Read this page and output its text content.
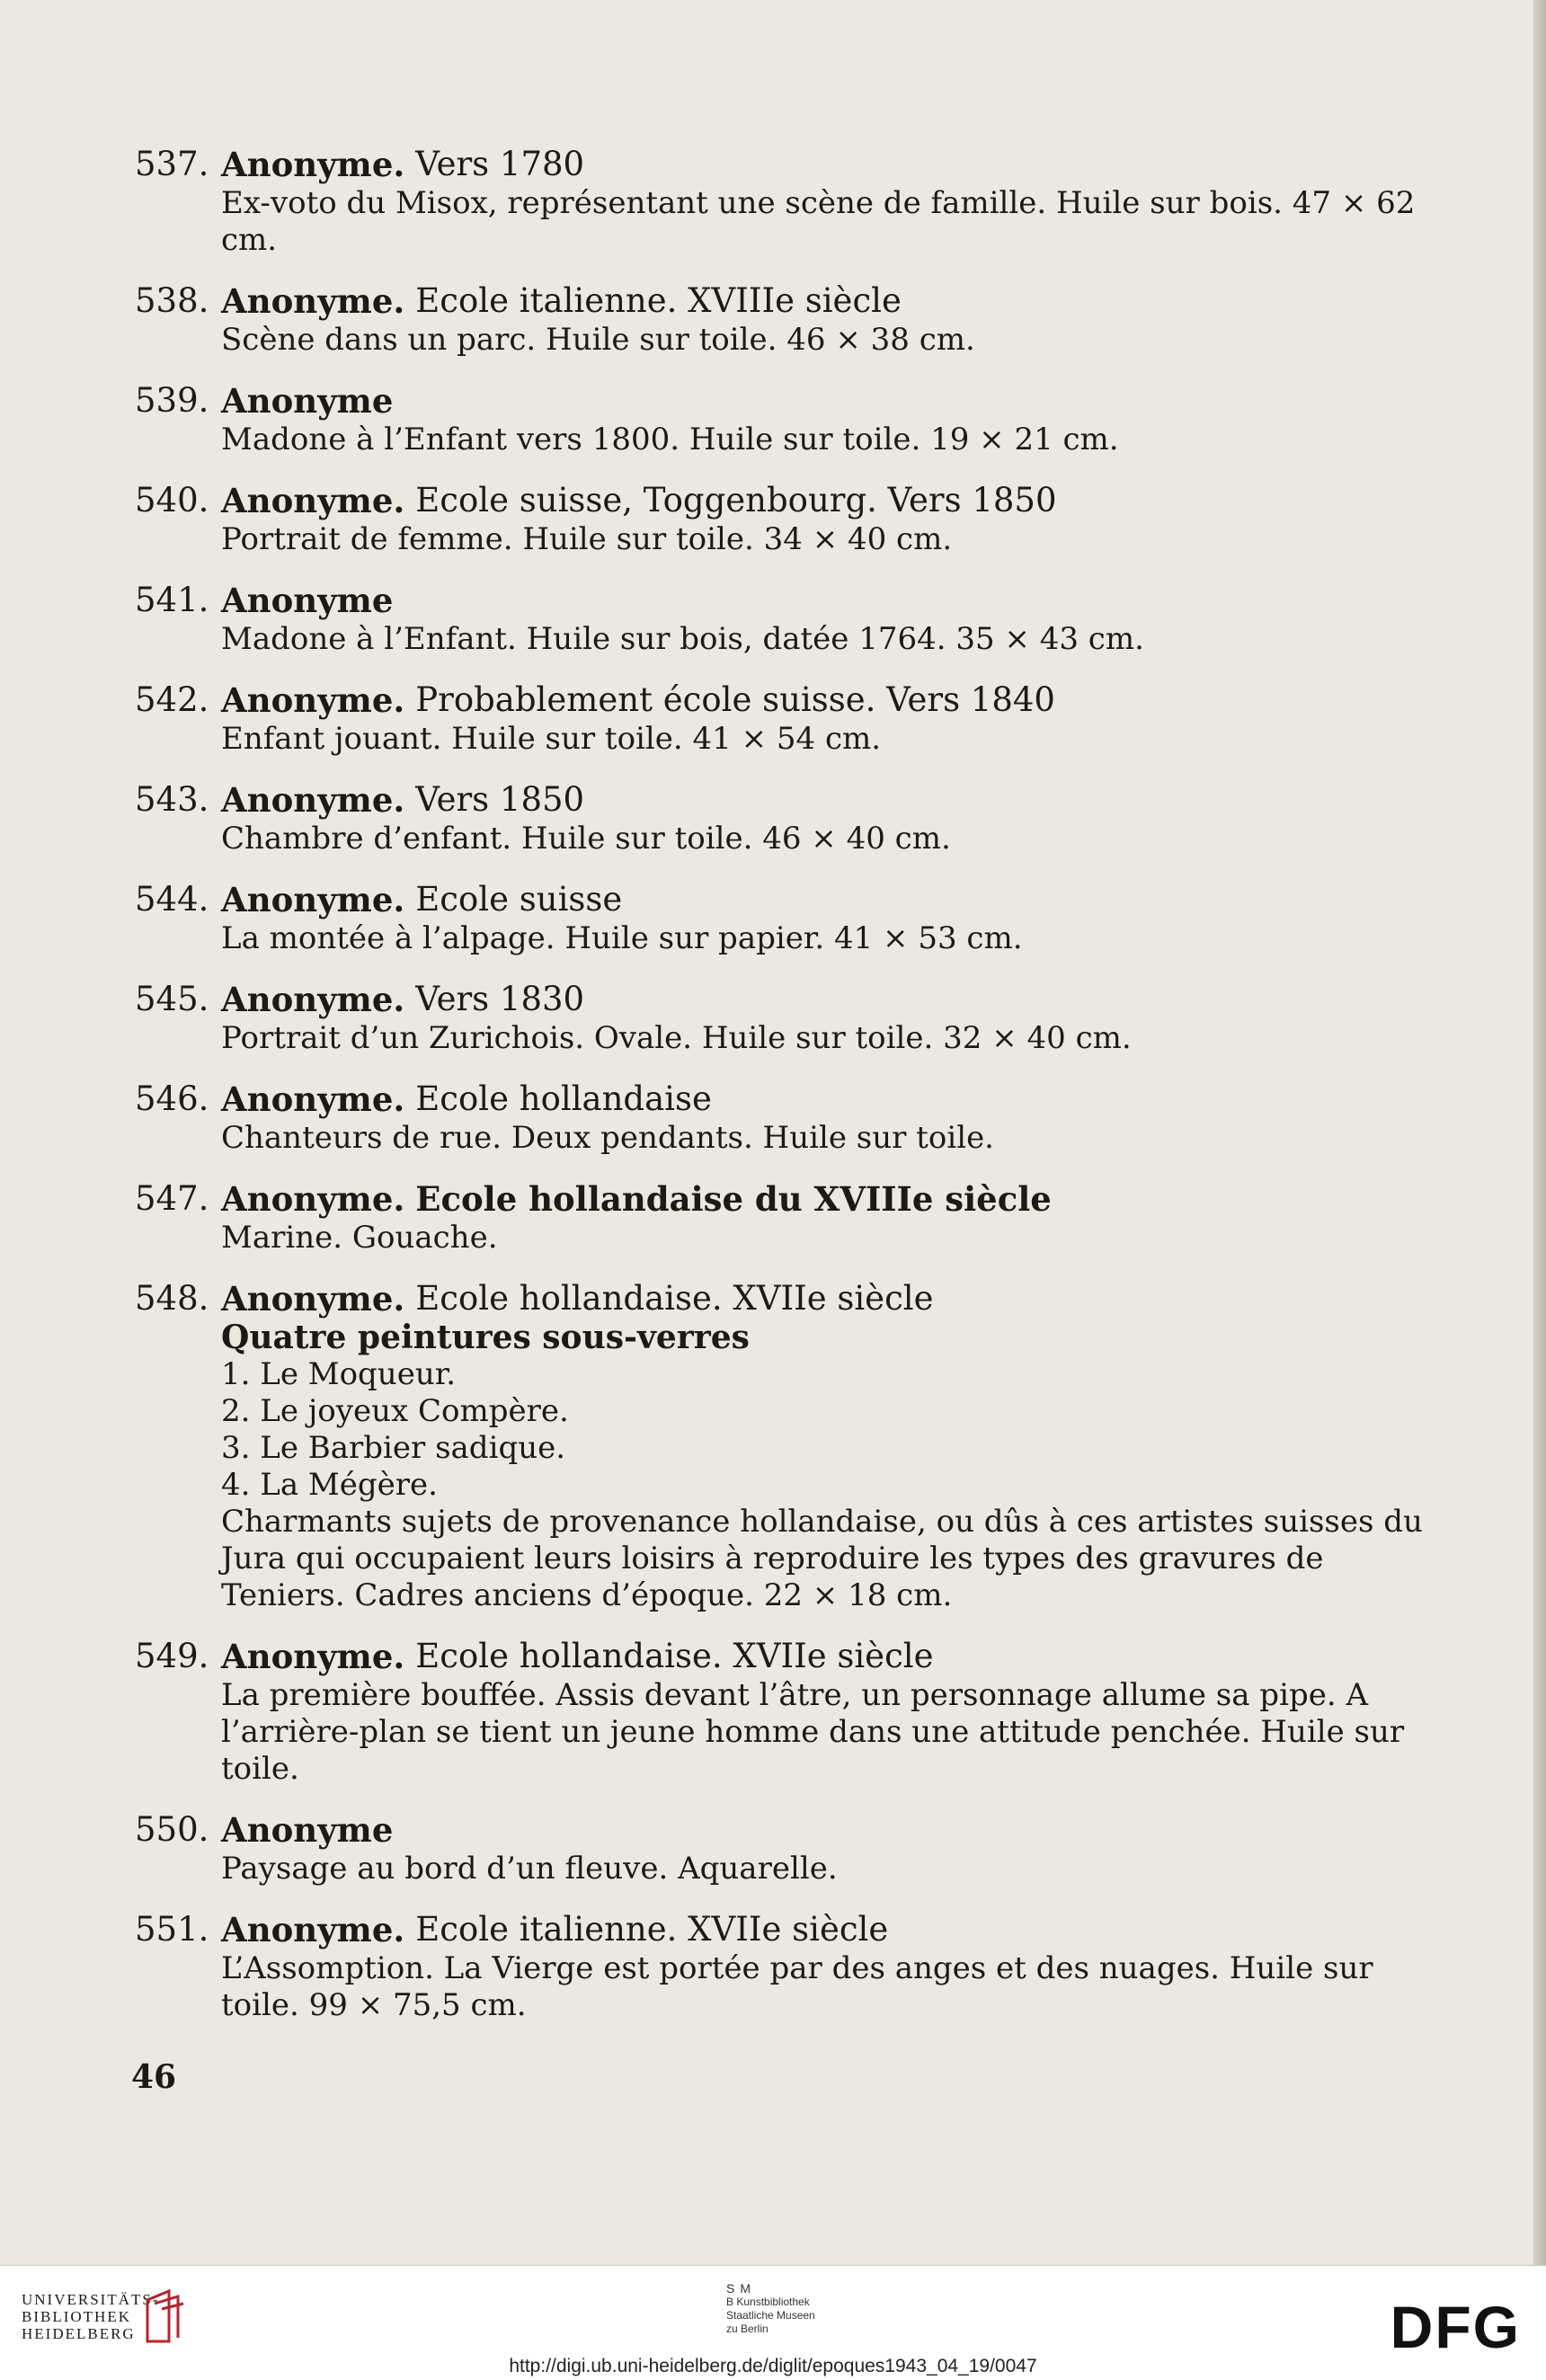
537. Anonyme. Vers 1780
Ex-voto du Misox, représentant une scène de famille. Huile sur bois. 47 × 62 cm.
538. Anonyme. Ecole italienne. XVIIIe siècle
Scène dans un parc. Huile sur toile. 46 × 38 cm.
539. Anonyme
Madone à l’Enfant vers 1800. Huile sur toile. 19 × 21 cm.
540. Anonyme. Ecole suisse, Toggenbourg. Vers 1850
Portrait de femme. Huile sur toile. 34 × 40 cm.
541. Anonyme
Madone à l’Enfant. Huile sur bois, datée 1764. 35 × 43 cm.
542. Anonyme. Probablement école suisse. Vers 1840
Enfant jouant. Huile sur toile. 41 × 54 cm.
543. Anonyme. Vers 1850
Chambre d’enfant. Huile sur toile. 46 × 40 cm.
544. Anonyme. Ecole suisse
La montée à l’alpage. Huile sur papier. 41 × 53 cm.
545. Anonyme. Vers 1830
Portrait d’un Zurichois. Ovale. Huile sur toile. 32 × 40 cm.
546. Anonyme. Ecole hollandaise
Chanteurs de rue. Deux pendants. Huile sur toile.
547. Anonyme. Ecole hollandaise du XVIIIe siècle
Marine. Gouache.
548. Anonyme. Ecole hollandaise. XVIIe siècle
Quatre peintures sous-verres
1. Le Moqueur.
2. Le joyeux Compère.
3. Le Barbier sadique.
4. La Mégère.
Charmants sujets de provenance hollandaise, ou dûs à ces artistes suisses du Jura qui occupaient leurs loisirs à reproduire les types des gravures de Teniers. Cadres anciens d’époque. 22 × 18 cm.
549. Anonyme. Ecole hollandaise. XVIIe siècle
La première bouffée. Assis devant l’âtre, un personnage allume sa pipe. A l’arrière-plan se tient un jeune homme dans une attitude penchée. Huile sur toile.
550. Anonyme
Paysage au bord d’un fleuve. Aquarelle.
551. Anonyme. Ecole italienne. XVIIe siècle
L’Assomption. La Vierge est portée par des anges et des nuages. Huile sur toile. 99 × 75,5 cm.
46
UNIVERSITÄTS-
BIBLIOTHEK
HEIDELBERG
SM
B Kunstbibliothek
Staatliche Museen
zu Berlin	DFG
http://digi.ub.uni-heidelberg.de/diglit/epoques1943_04_19/0047
